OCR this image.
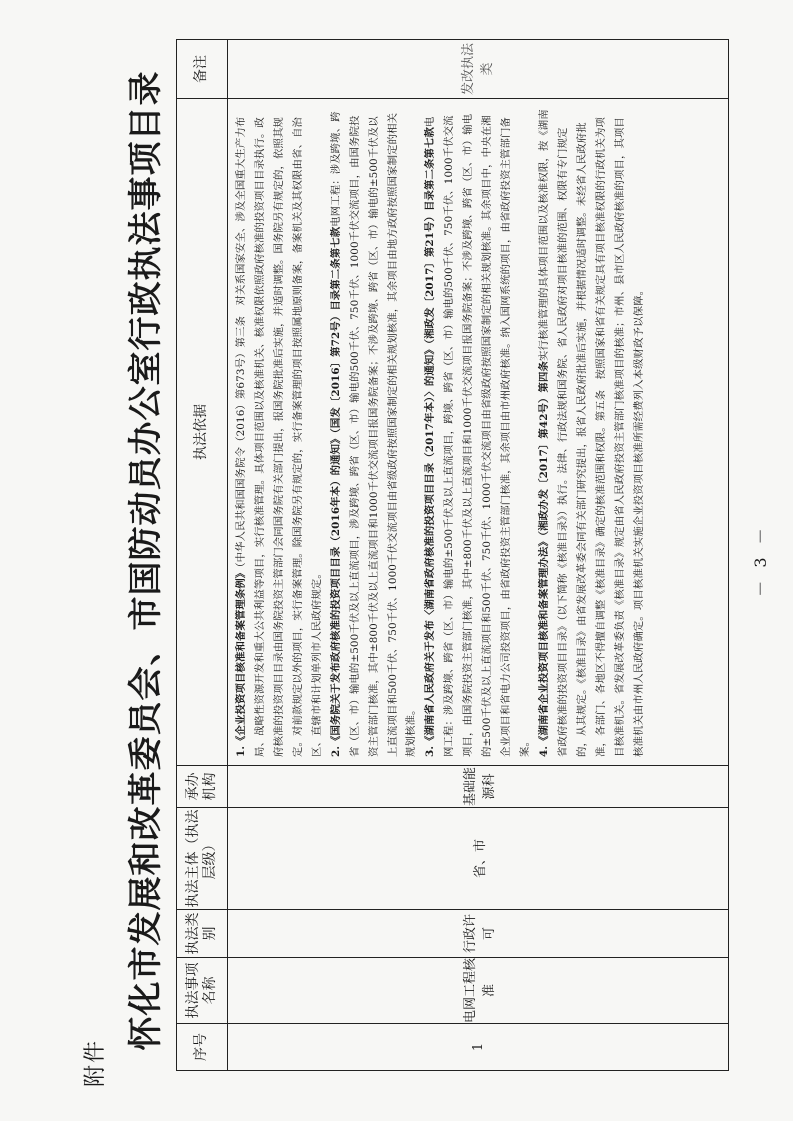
附件
怀化市发展和改革委员会、市国防动员办公室行政执法事项目录 序号	执法事项名称	执法类别	执法主体（执法层级）	承办机构	执法依据	备注
1	电网工程核准	行政许可	省、市	基础能源科	1.《企业投资项目核准和备案管理条例》（中华人民共和国国务院令（2016）第673号）第三条　对关系国家安全、涉及全国重大生产力布局、战略性资源开发和重大公共利益等项目，实行核准管理。具体项目范围以及核准机关、核准权限依照政府核准的投资项目目录执行。政府核准的投资项目目录由国务院投资主管部门会同国务院有关部门提出，报国务院批准后实施，并适时调整。国务院另有规定的，依照其规定。对前款规定以外的项目，实行备案管理。除国务院另有规定的，实行备案管理的项目按照属地原则备案，备案机关及其权限由省、自治区、直辖市和计划单列市人民政府规定。 2.《国务院关于发布政府核准的投资项目目录（2016年本）的通知》（国发〔2016〕第72号）目录第二条第七款电网工程：涉及跨境、跨省（区、市）输电的±500千伏及以上直流项目，涉及跨境、跨省（区、市）输电的500千伏、750千伏、1000千伏交流项目，由国务院投资主管部门核准，其中±800千伏及以上直流项目和1000千伏交流项目报国务院备案；不涉及跨境、跨省（区、市）输电的±500千伏及以上直流项目和500千伏、750千伏、1000千伏交流项目由省级政府按照国家制定的相关规划核准，其余项目由地方政府按照国家制定的相关规划核准。 3.《湖南省人民政府关于发布〈湖南省政府核准的投资项目目录（2017年本）〉的通知》（湘政发〔2017〕第21号）目录第二条第七款电网工程：涉及跨境、跨省（区、市）输电的±500千伏及以上直流项目，跨境、跨省（区、市）输电的500千伏、750千伏、1000千伏交流项目，由国务院投资主管部门核准，其中±800千伏及以上直流项目和1000千伏交流项目报国务院备案；不涉及跨境、跨省（区、市）输电的±500千伏及以上直流项目和500千伏、750千伏、1000千伏交流项目由省级政府按照国家制定的相关规划核准。其余项目中，中央在湘企业项目和省电力公司投资项目，由省政府投资主管部门核准，其余项目由市州政府核准。纳入国网系统的项目，由省政府投资主管部门备案。 4.《湖南省企业投资项目核准和备案管理办法》（湘政办发〔2017〕第42号）第四条实行核准管理的具体项目范围以及核准权限，按《湖南省政府核准的投资项目目录》（以下简称《核准目录》）执行。法律、行政法规和国务院、省人民政府对项目核准的范围、权限有专门规定的，从其规定。《核准目录》由省发展改革委会同有关部门研究提出，报省人民政府批准后实施，并根据情况适时调整。未经省人民政府批准，各部门、各地区不得擅自调整《核准目录》确定的核准范围和权限。第五条　按照国家和省有关规定具有项目核准权限的行政机关为项目核准机关。省发展改革委负责《核准目录》规定由省人民政府投资主管部门核准项目的核准；市州、县市区人民政府核准的项目，其项目核准机关由市州人民政府确定。项目核准机关实施企业投资项目核准所需经费列入本级财政予以保障。	发改执法类
－ 3 －
